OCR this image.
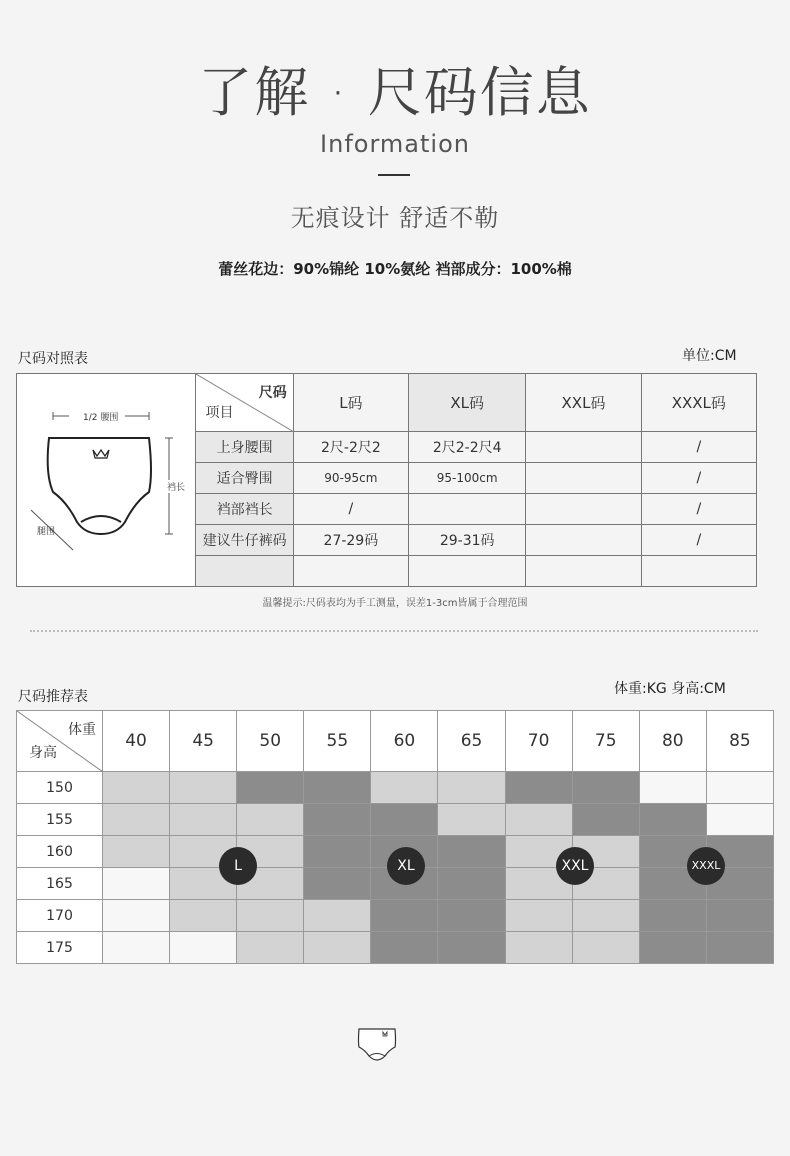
了解 · 尺码信息
Information
无痕设计 舒适不勒
蕾丝花边：90%锦纶 10%氨纶 裆部成分：100%棉
尺码对照表	单位:CM
1/2 腰围
裆长
腿围	尺码
项目	L码	XL码	XXL码	XXXL码
	上身腰围	2尺-2尺2	2尺2-2尺4		/
	适合臀围	90-95cm	95-100cm		/
	裆部裆长	/			/
	建议牛仔裤码	27-29码	29-31码		/

温馨提示:尺码表均为手工测量，误差1-3cm皆属于合理范围
尺码推荐表	体重:KG 身高:CM
体重
身高	40	45	50	55	60	65	70	75	80	85
150										
155										
160										
165										
170										
175										
L	XL	XXL	XXXL
